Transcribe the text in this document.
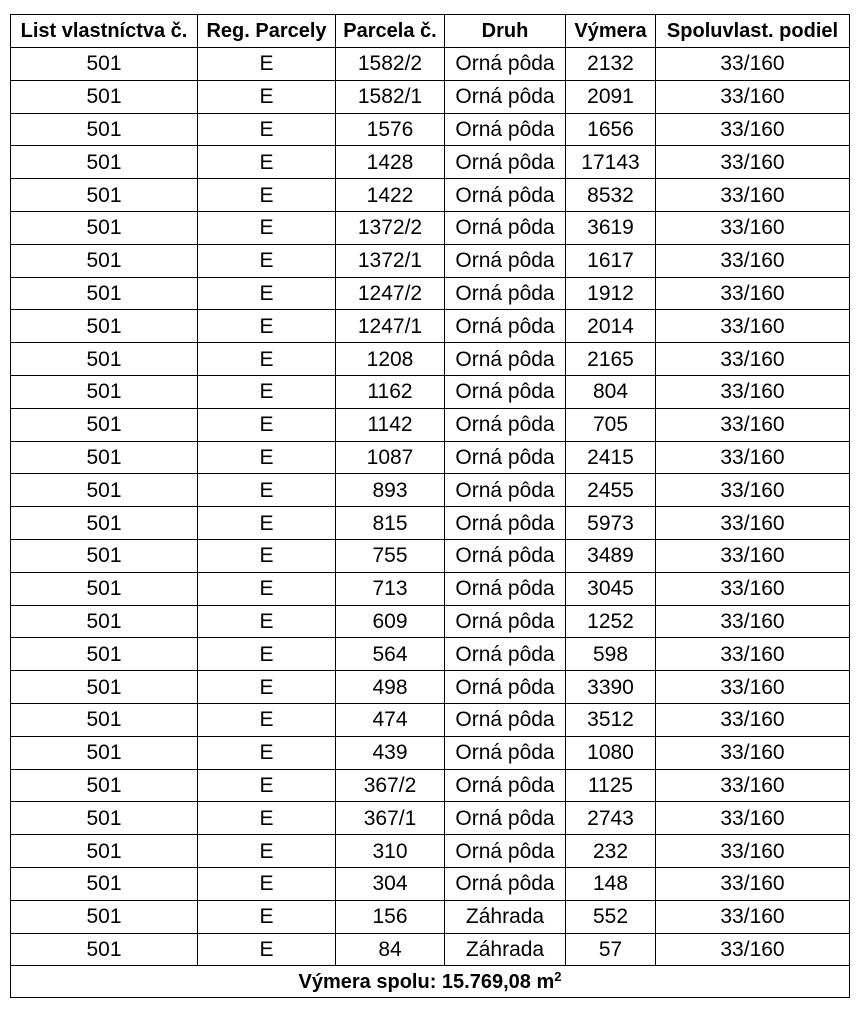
List vlastníctva č.	Reg. Parcely	Parcela č.	Druh	Výmera	Spoluvlast. podiel
501	E	1582/2	Orná pôda	2132	33/160
501	E	1582/1	Orná pôda	2091	33/160
501	E	1576	Orná pôda	1656	33/160
501	E	1428	Orná pôda	17143	33/160
501	E	1422	Orná pôda	8532	33/160
501	E	1372/2	Orná pôda	3619	33/160
501	E	1372/1	Orná pôda	1617	33/160
501	E	1247/2	Orná pôda	1912	33/160
501	E	1247/1	Orná pôda	2014	33/160
501	E	1208	Orná pôda	2165	33/160
501	E	1162	Orná pôda	804	33/160
501	E	1142	Orná pôda	705	33/160
501	E	1087	Orná pôda	2415	33/160
501	E	893	Orná pôda	2455	33/160
501	E	815	Orná pôda	5973	33/160
501	E	755	Orná pôda	3489	33/160
501	E	713	Orná pôda	3045	33/160
501	E	609	Orná pôda	1252	33/160
501	E	564	Orná pôda	598	33/160
501	E	498	Orná pôda	3390	33/160
501	E	474	Orná pôda	3512	33/160
501	E	439	Orná pôda	1080	33/160
501	E	367/2	Orná pôda	1125	33/160
501	E	367/1	Orná pôda	2743	33/160
501	E	310	Orná pôda	232	33/160
501	E	304	Orná pôda	148	33/160
501	E	156	Záhrada	552	33/160
501	E	84	Záhrada	57	33/160
Výmera spolu: 15.769,08 $m^2$
